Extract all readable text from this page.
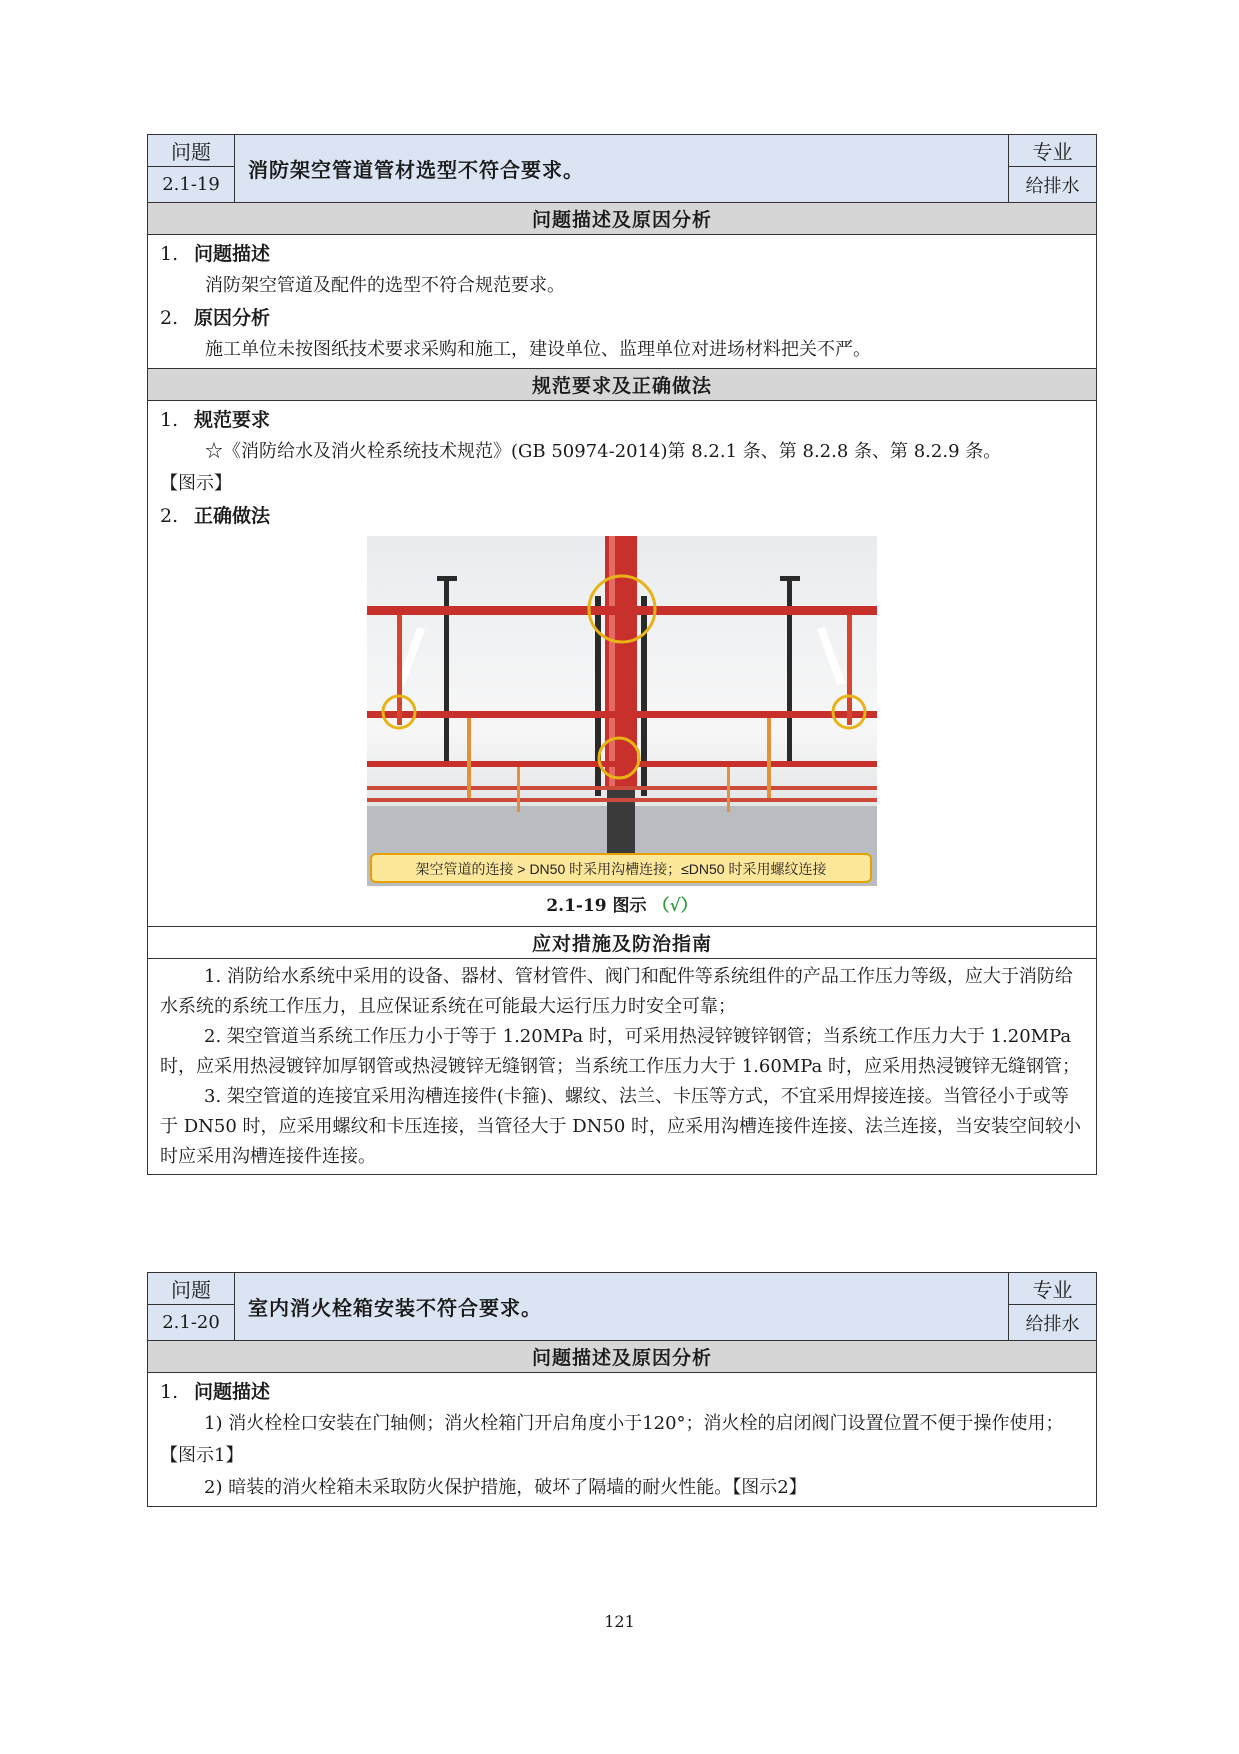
问题
2.1-19
消防架空管道管材选型不符合要求。
专业
给排水
问题描述及原因分析
1. 问题描述
消防架空管道及配件的选型不符合规范要求。
2. 原因分析
施工单位未按图纸技术要求采购和施工，建设单位、监理单位对进场材料把关不严。
规范要求及正确做法
1. 规范要求
☆《消防给水及消火栓系统技术规范》(GB 50974-2014)第 8.2.1 条、第 8.2.8 条、第 8.2.9 条。
【图示】
2. 正确做法
架空管道的连接 > DN50 时采用沟槽连接；≤DN50 时采用螺纹连接
2.1-19 图示 （√）
应对措施及防治指南
1. 消防给水系统中采用的设备、器材、管材管件、阀门和配件等系统组件的产品工作压力等级，应大于消防给水系统的系统工作压力，且应保证系统在可能最大运行压力时安全可靠；
2. 架空管道当系统工作压力小于等于 1.20MPa 时，可采用热浸锌镀锌钢管；当系统工作压力大于 1.20MPa 时，应采用热浸镀锌加厚钢管或热浸镀锌无缝钢管；当系统工作压力大于 1.60MPa 时，应采用热浸镀锌无缝钢管；
3. 架空管道的连接宜采用沟槽连接件(卡箍)、螺纹、法兰、卡压等方式，不宜采用焊接连接。当管径小于或等于 DN50 时，应采用螺纹和卡压连接，当管径大于 DN50 时，应采用沟槽连接件连接、法兰连接，当安装空间较小时应采用沟槽连接件连接。
问题
2.1-20
室内消火栓箱安装不符合要求。
专业
给排水
问题描述及原因分析
1. 问题描述
1) 消火栓栓口安装在门轴侧；消火栓箱门开启角度小于120°；消火栓的启闭阀门设置位置不便于操作使用；【图示1】
2) 暗装的消火栓箱未采取防火保护措施，破坏了隔墙的耐火性能。【图示2】
121
